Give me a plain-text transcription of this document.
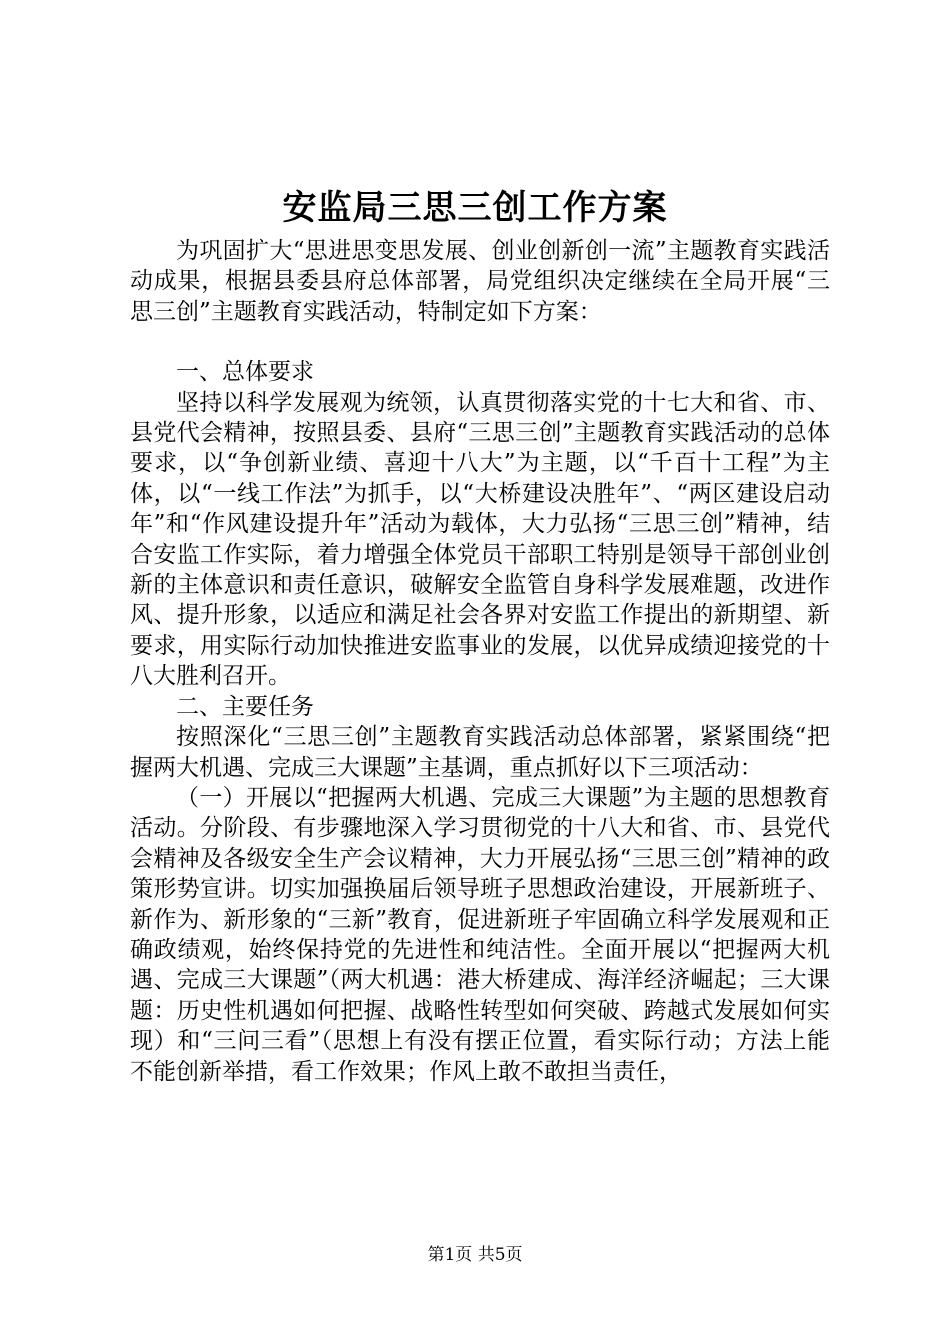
安监局三思三创工作方案

为巩固扩大“思进思变思发展、创业创新创一流”主题教育实践活动成果，根据县委县府总体部署，局党组织决定继续在全局开展“三思三创”主题教育实践活动，特制定如下方案：

一、总体要求

坚持以科学发展观为统领，认真贯彻落实党的十七大和省、市、县党代会精神，按照县委、县府“三思三创”主题教育实践活动的总体要求，以“争创新业绩、喜迎十八大”为主题，以“千百十工程”为主体，以“一线工作法”为抓手，以“大桥建设决胜年”、“两区建设启动年”和“作风建设提升年”活动为载体，大力弘扬“三思三创”精神，结合安监工作实际，着力增强全体党员干部职工特别是领导干部创业创新的主体意识和责任意识，破解安全监管自身科学发展难题，改进作风、提升形象，以适应和满足社会各界对安监工作提出的新期望、新要求，用实际行动加快推进安监事业的发展，以优异成绩迎接党的十八大胜利召开。

二、主要任务

按照深化“三思三创”主题教育实践活动总体部署，紧紧围绕“把握两大机遇、完成三大课题”主基调，重点抓好以下三项活动：

（一）开展以“把握两大机遇、完成三大课题”为主题的思想教育活动。分阶段、有步骤地深入学习贯彻党的十八大和省、市、县党代会精神及各级安全生产会议精神，大力开展弘扬“三思三创”精神的政策形势宣讲。切实加强换届后领导班子思想政治建设，开展新班子、新作为、新形象的“三新”教育，促进新班子牢固确立科学发展观和正确政绩观，始终保持党的先进性和纯洁性。全面开展以“把握两大机遇、完成三大课题”（两大机遇：港大桥建成、海洋经济崛起；三大课题：历史性机遇如何把握、战略性转型如何突破、跨越式发展如何实现）和“三问三看”（思想上有没有摆正位置，看实际行动；方法上能不能创新举措，看工作效果；作风上敢不敢担当责任，

第1页 共5页
